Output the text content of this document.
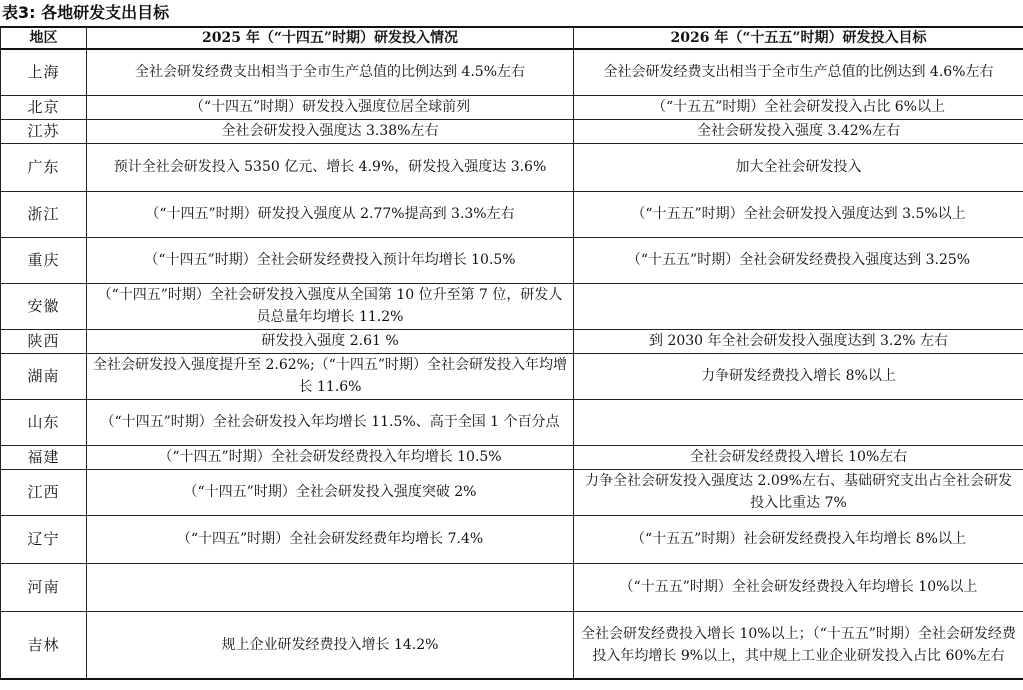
表3: 各地研发支出目标
地区	2025 年（“十四五”时期）研发投入情况	2026 年（“十五五”时期）研发投入目标
上海	全社会研发经费支出相当于全市生产总值的比例达到 4.5%左右	全社会研发经费支出相当于全市生产总值的比例达到 4.6%左右
北京	（“十四五”时期）研发投入强度位居全球前列	（“十五五”时期）全社会研发投入占比 6%以上
江苏	全社会研发投入强度达 3.38%左右	全社会研发投入强度 3.42%左右
广东	预计全社会研发投入 5350 亿元、增长 4.9%，研发投入强度达 3.6%	加大全社会研发投入
浙江	（“十四五”时期）研发投入强度从 2.77%提高到 3.3%左右	（“十五五”时期）全社会研发投入强度达到 3.5%以上
重庆	（“十四五”时期）全社会研发经费投入预计年均增长 10.5%	（“十五五”时期）全社会研发经费投入强度达到 3.25%
安徽	（“十四五”时期）全社会研发投入强度从全国第 10 位升至第 7 位，研发人员总量年均增长 11.2%	
陕西	研发投入强度 2.61 %	到 2030 年全社会研发投入强度达到 3.2% 左右
湖南	全社会研发投入强度提升至 2.62%;（“十四五”时期）全社会研发投入年均增长 11.6%	力争研发经费投入增长 8%以上
山东	（“十四五”时期）全社会研发投入年均增长 11.5%、高于全国 1 个百分点	
福建	（“十四五”时期）全社会研发经费投入年均增长 10.5%	全社会研发经费投入增长 10%左右
江西	（“十四五”时期）全社会研发投入强度突破 2%	力争全社会研发投入强度达 2.09%左右、基础研究支出占全社会研发投入比重达 7%
辽宁	（“十四五”时期）全社会研发经费年均增长 7.4%	（“十五五”时期）社会研发经费投入年均增长 8%以上
河南		（“十五五”时期）全社会研发经费投入年均增长 10%以上
吉林	规上企业研发经费投入增长 14.2%	全社会研发经费投入增长 10%以上；（“十五五”时期）全社会研发经费投入年均增长 9%以上，其中规上工业企业研发投入占比 60%左右
